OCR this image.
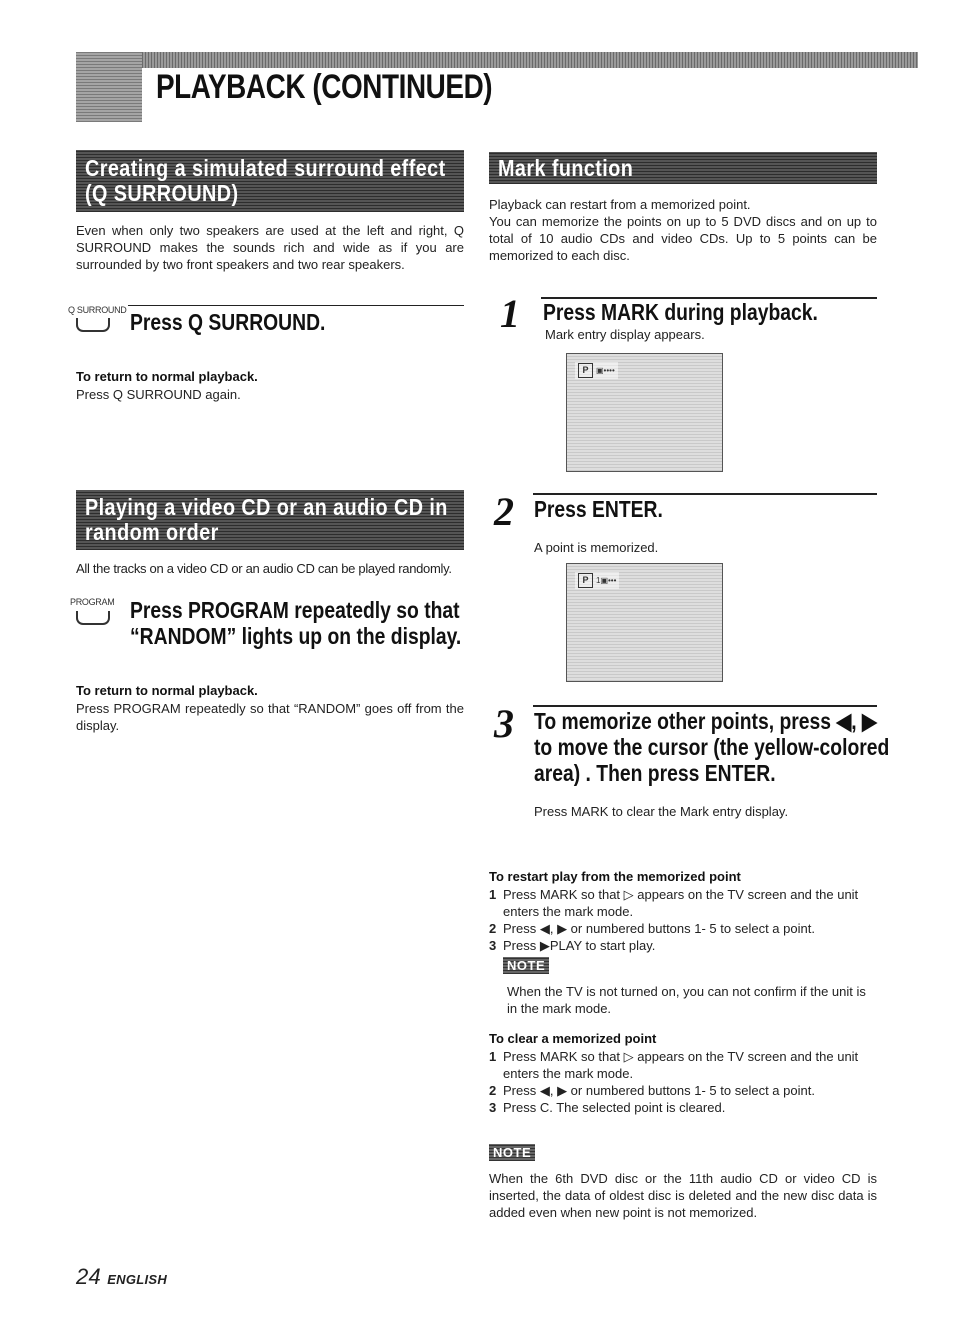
PLAYBACK (CONTINUED)
Creating a simulated surround effect
(Q SURROUND)
Even when only two speakers are used at the left and right, Q SURROUND makes the sounds rich and wide as if you are surrounded by two front speakers and two rear speakers.
Q SURROUND Press Q SURROUND.
To return to normal playback.
Press Q SURROUND again.
Playing a video CD or an audio CD in
random order
All the tracks on a video CD or an audio CD can be played randomly.
PROGRAM Press PROGRAM repeatedly so that
“RANDOM” lights up on the display.
To return to normal playback.
Press PROGRAM repeatedly so that “RANDOM” goes off from the display.
Mark function
Playback can restart from a memorized point.
You can memorize the points on up to 5 DVD discs and on up to total of 10 audio CDs and video CDs. Up to 5 points can be memorized to each disc.
1 Press MARK during playback.
Mark entry display appears.
P ▣••••
2 Press ENTER.
A point is memorized.
P 1▣•••
3 To memorize other points, press ◀, ▶
to move the cursor (the yellow-colored
area) . Then press ENTER.
Press MARK to clear the Mark entry display.
To restart play from the memorized point
1 Press MARK so that ▷ appears on the TV screen and the unit enters the mark mode.
2 Press ◀, ▶ or numbered buttons 1- 5 to select a point.
3 Press ▶PLAY to start play.
NOTE
When the TV is not turned on, you can not confirm if the unit is in the mark mode.
To clear a memorized point
1 Press MARK so that ▷ appears on the TV screen and the unit enters the mark mode.
2 Press ◀, ▶ or numbered buttons 1- 5 to select a point.
3 Press C. The selected point is cleared.
NOTE
When the 6th DVD disc or the 11th audio CD or video CD is inserted, the data of oldest disc is deleted and the new disc data is added even when new point is not memorized.
24 ENGLISH
